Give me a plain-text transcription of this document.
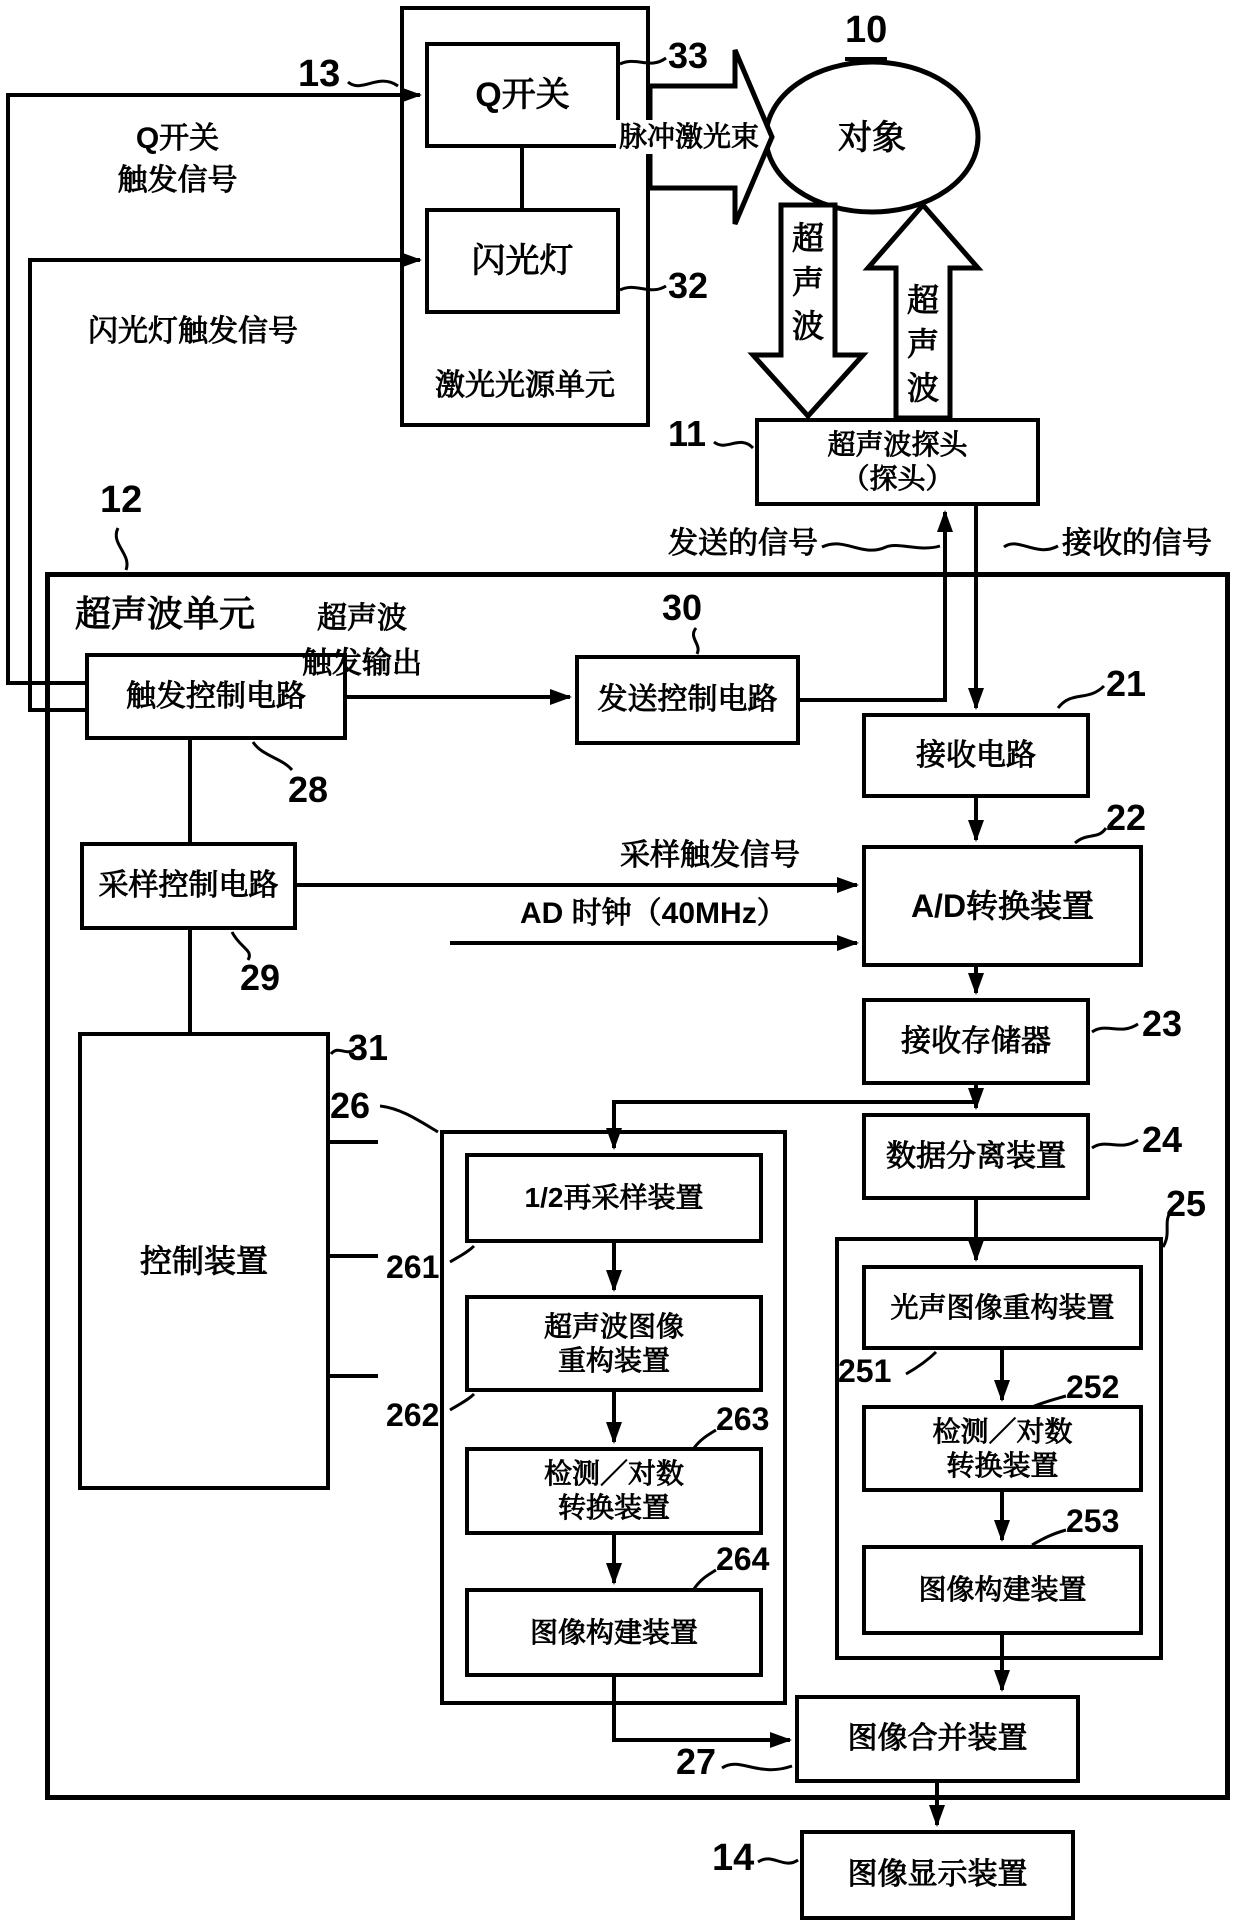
激光光源单元
13	Q开关
33
闪光灯
32
Q开关
触发信号
闪光灯触发信号
脉冲激光束
10
对象
超声波
超声波
超声波探头
（探头）
11
发送的信号	接收的信号
超声波单元
12
触发控制电路
28
超声波
触发输出
发送控制电路
30
采样控制电路
29
采样触发信号
AD 时钟（40MHz）
接收电路
21
A/D转换装置
22
接收存储器	23
数据分离装置 24
控制装置
31
26
1/2再采样装置
261
超声波图像
重构装置
262
检测／对数
转换装置
263
图像构建装置
264
25
光声图像重构装置
251
检测／对数
转换装置
252
图像构建装置
253
图像合并装置
27
图像显示装置
14
